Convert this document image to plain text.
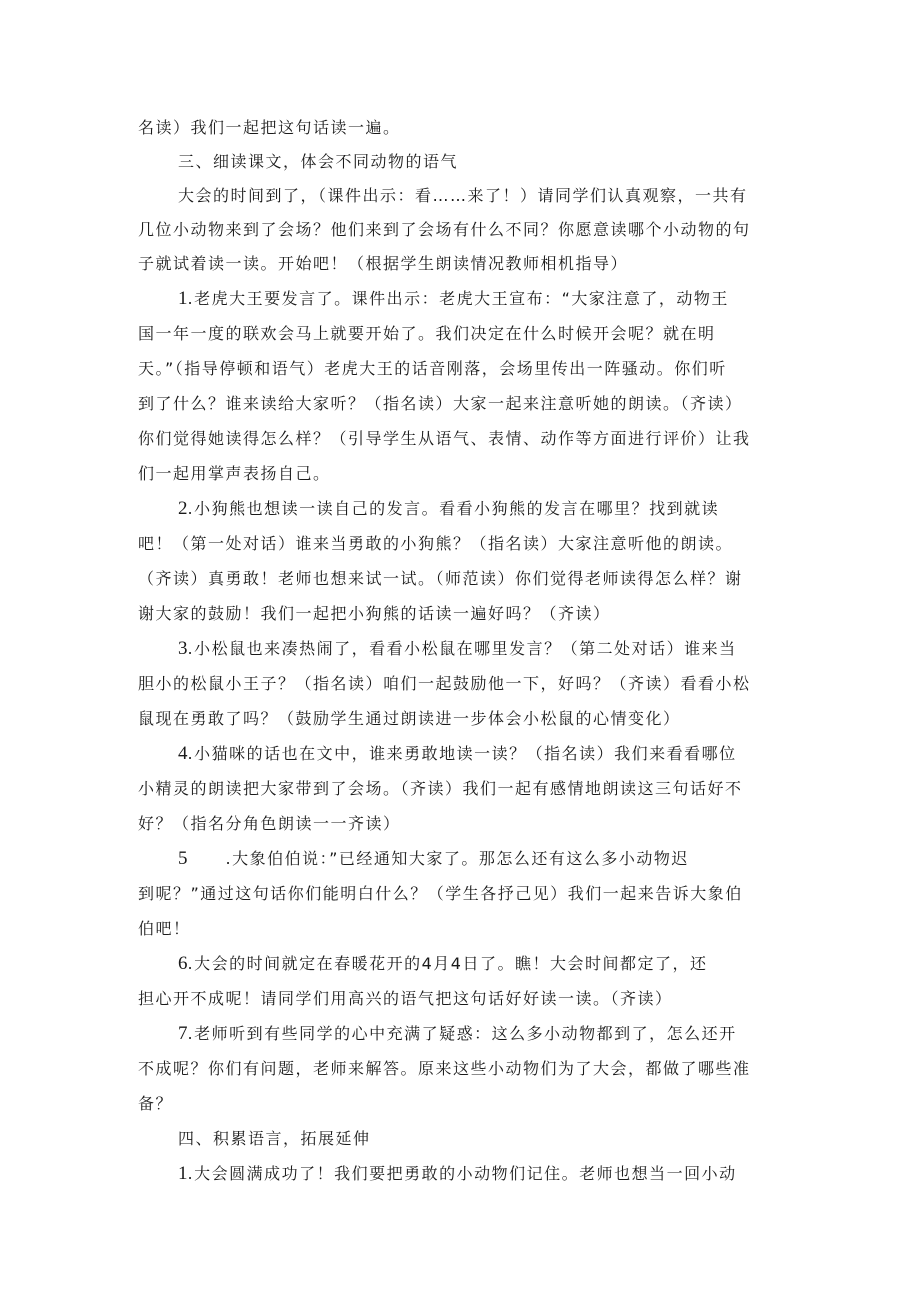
名读）我们一起把这句话读一遍。
三、细读课文，体会不同动物的语气
大会的时间到了，（课件出示：看……来了！）请同学们认真观察，一共有
几位小动物来到了会场？他们来到了会场有什么不同？你愿意读哪个小动物的句
子就试着读一读。开始吧！（根据学生朗读情况教师相机指导）
1.老虎大王要发言了。课件出示：老虎大王宣布：“大家注意了，动物王
国一年一度的联欢会马上就要开始了。我们决定在什么时候开会呢？就在明
天。”（指导停顿和语气）老虎大王的话音刚落，会场里传出一阵骚动。你们听
到了什么？谁来读给大家听？（指名读）大家一起来注意听她的朗读。（齐读）
你们觉得她读得怎么样？（引导学生从语气、表情、动作等方面进行评价）让我
们一起用掌声表扬自己。
2.小狗熊也想读一读自己的发言。看看小狗熊的发言在哪里？找到就读
吧！（第一处对话）谁来当勇敢的小狗熊？（指名读）大家注意听他的朗读。
（齐读）真勇敢！老师也想来试一试。（师范读）你们觉得老师读得怎么样？谢
谢大家的鼓励！我们一起把小狗熊的话读一遍好吗？（齐读）
3.小松鼠也来凑热闹了，看看小松鼠在哪里发言？（第二处对话）谁来当
胆小的松鼠小王子？（指名读）咱们一起鼓励他一下，好吗？（齐读）看看小松
鼠现在勇敢了吗？（鼓励学生通过朗读进一步体会小松鼠的心情变化）
4.小猫咪的话也在文中，谁来勇敢地读一读？（指名读）我们来看看哪位
小精灵的朗读把大家带到了会场。（齐读）我们一起有感情地朗读这三句话好不
好？（指名分角色朗读一一齐读）
5 .大象伯伯说：”已经通知大家了。那怎么还有这么多小动物迟
到呢？”通过这句话你们能明白什么？（学生各抒己见）我们一起来告诉大象伯
伯吧！
6.大会的时间就定在春暖花开的4月4日了。瞧！大会时间都定了，还
担心开不成呢！请同学们用高兴的语气把这句话好好读一读。（齐读）
7.老师听到有些同学的心中充满了疑惑：这么多小动物都到了，怎么还开
不成呢？你们有问题，老师来解答。原来这些小动物们为了大会，都做了哪些准
备？
四、积累语言，拓展延伸
1.大会圆满成功了！我们要把勇敢的小动物们记住。老师也想当一回小动
